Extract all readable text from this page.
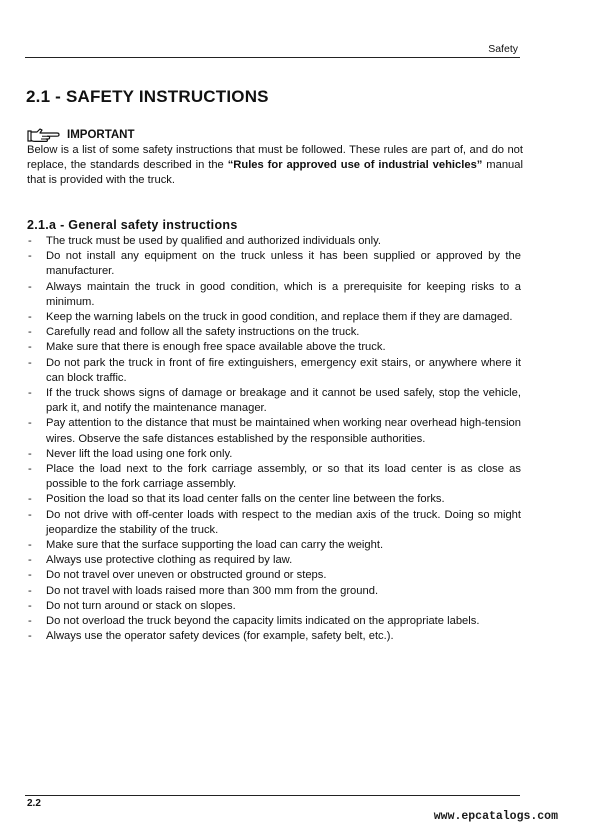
Safety
2.1 - SAFETY INSTRUCTIONS
IMPORTANT

Below is a list of some safety instructions that must be followed. These rules are part of, and do not replace, the standards described in the “Rules for approved use of industrial vehicles” manual that is provided with the truck.

2.1.a - General safety instructions
- The truck must be used by qualified and authorized individuals only.
- Do not install any equipment on the truck unless it has been supplied or approved by the manufacturer.
- Always maintain the truck in good condition, which is a prerequisite for keeping risks to a minimum.
- Keep the warning labels on the truck in good condition, and replace them if they are damaged.
- Carefully read and follow all the safety instructions on the truck.
- Make sure that there is enough free space available above the truck.
- Do not park the truck in front of fire extinguishers, emergency exit stairs, or anywhere where it can block traffic.
- If the truck shows signs of damage or breakage and it cannot be used safely, stop the vehicle, park it, and notify the maintenance manager.
- Pay attention to the distance that must be maintained when working near overhead high-tension wires. Observe the safe distances established by the responsible authorities.
- Never lift the load using one fork only.
- Place the load next to the fork carriage assembly, or so that its load center is as close as possible to the fork carriage assembly.
- Position the load so that its load center falls on the center line between the forks.
- Do not drive with off-center loads with respect to the median axis of the truck. Doing so might jeopardize the stability of the truck.
- Make sure that the surface supporting the load can carry the weight.
- Always use protective clothing as required by law.
- Do not travel over uneven or obstructed ground or steps.
- Do not travel with loads raised more than 300 mm from the ground.
- Do not turn around or stack on slopes.
- Do not overload the truck beyond the capacity limits indicated on the appropriate labels.
- Always use the operator safety devices (for example, safety belt, etc.).
2.2
www.epcatalogs.com
